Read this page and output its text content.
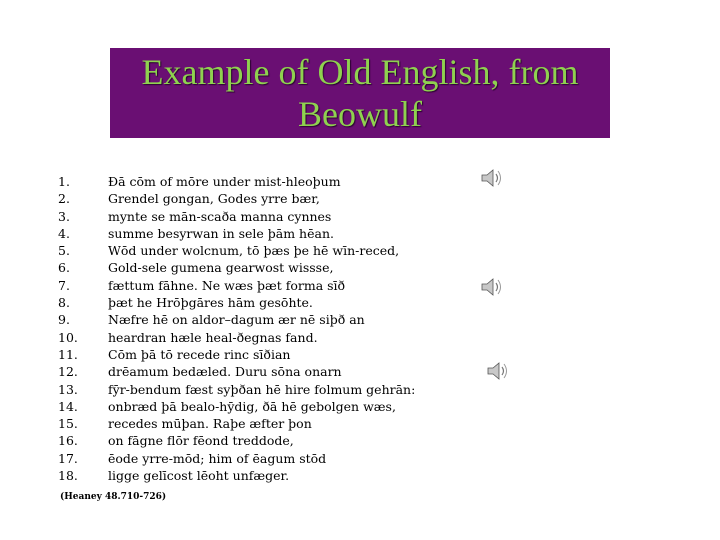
Example of Old English, from Beowulf
1.	Ðā cōm of mōre under mist-hleoþum
2.	Grendel gongan, Godes yrre bær,
3.	mynte se mān-scaða manna cynnes
4.	summe besyrwan in sele þām hēan.
5.	Wōd under wolcnum, tō þæs þe hē wīn-reced,
6.	Gold-sele gumena gearwost wissse,
7.	fættum fāhne. Ne wæs þæt forma sīð
8.	þæt he Hrōþgāres hām gesōhte.
9.	Næfre hē on aldor–dagum ær nē siþð an
10.	heardran hæle heal-ðegnas fand.
11.	Cōm þā tō recede rinc sīðian
12.	drēamum bedæled. Duru sōna onarn
13.	fȳr-bendum fæst syþðan hē hire folmum gehrān:
14.	onbræd þā bealo-hȳdig, ðā hē gebolgen wæs,
15.	recedes mūþan. Raþe æfter þon
16.	on fāgne flōr fēond treddode,
17.	ēode yrre-mōd; him of ēagum stōd
18.	ligge gelīcost lēoht unfæger.
(Heaney 48.710-726)
